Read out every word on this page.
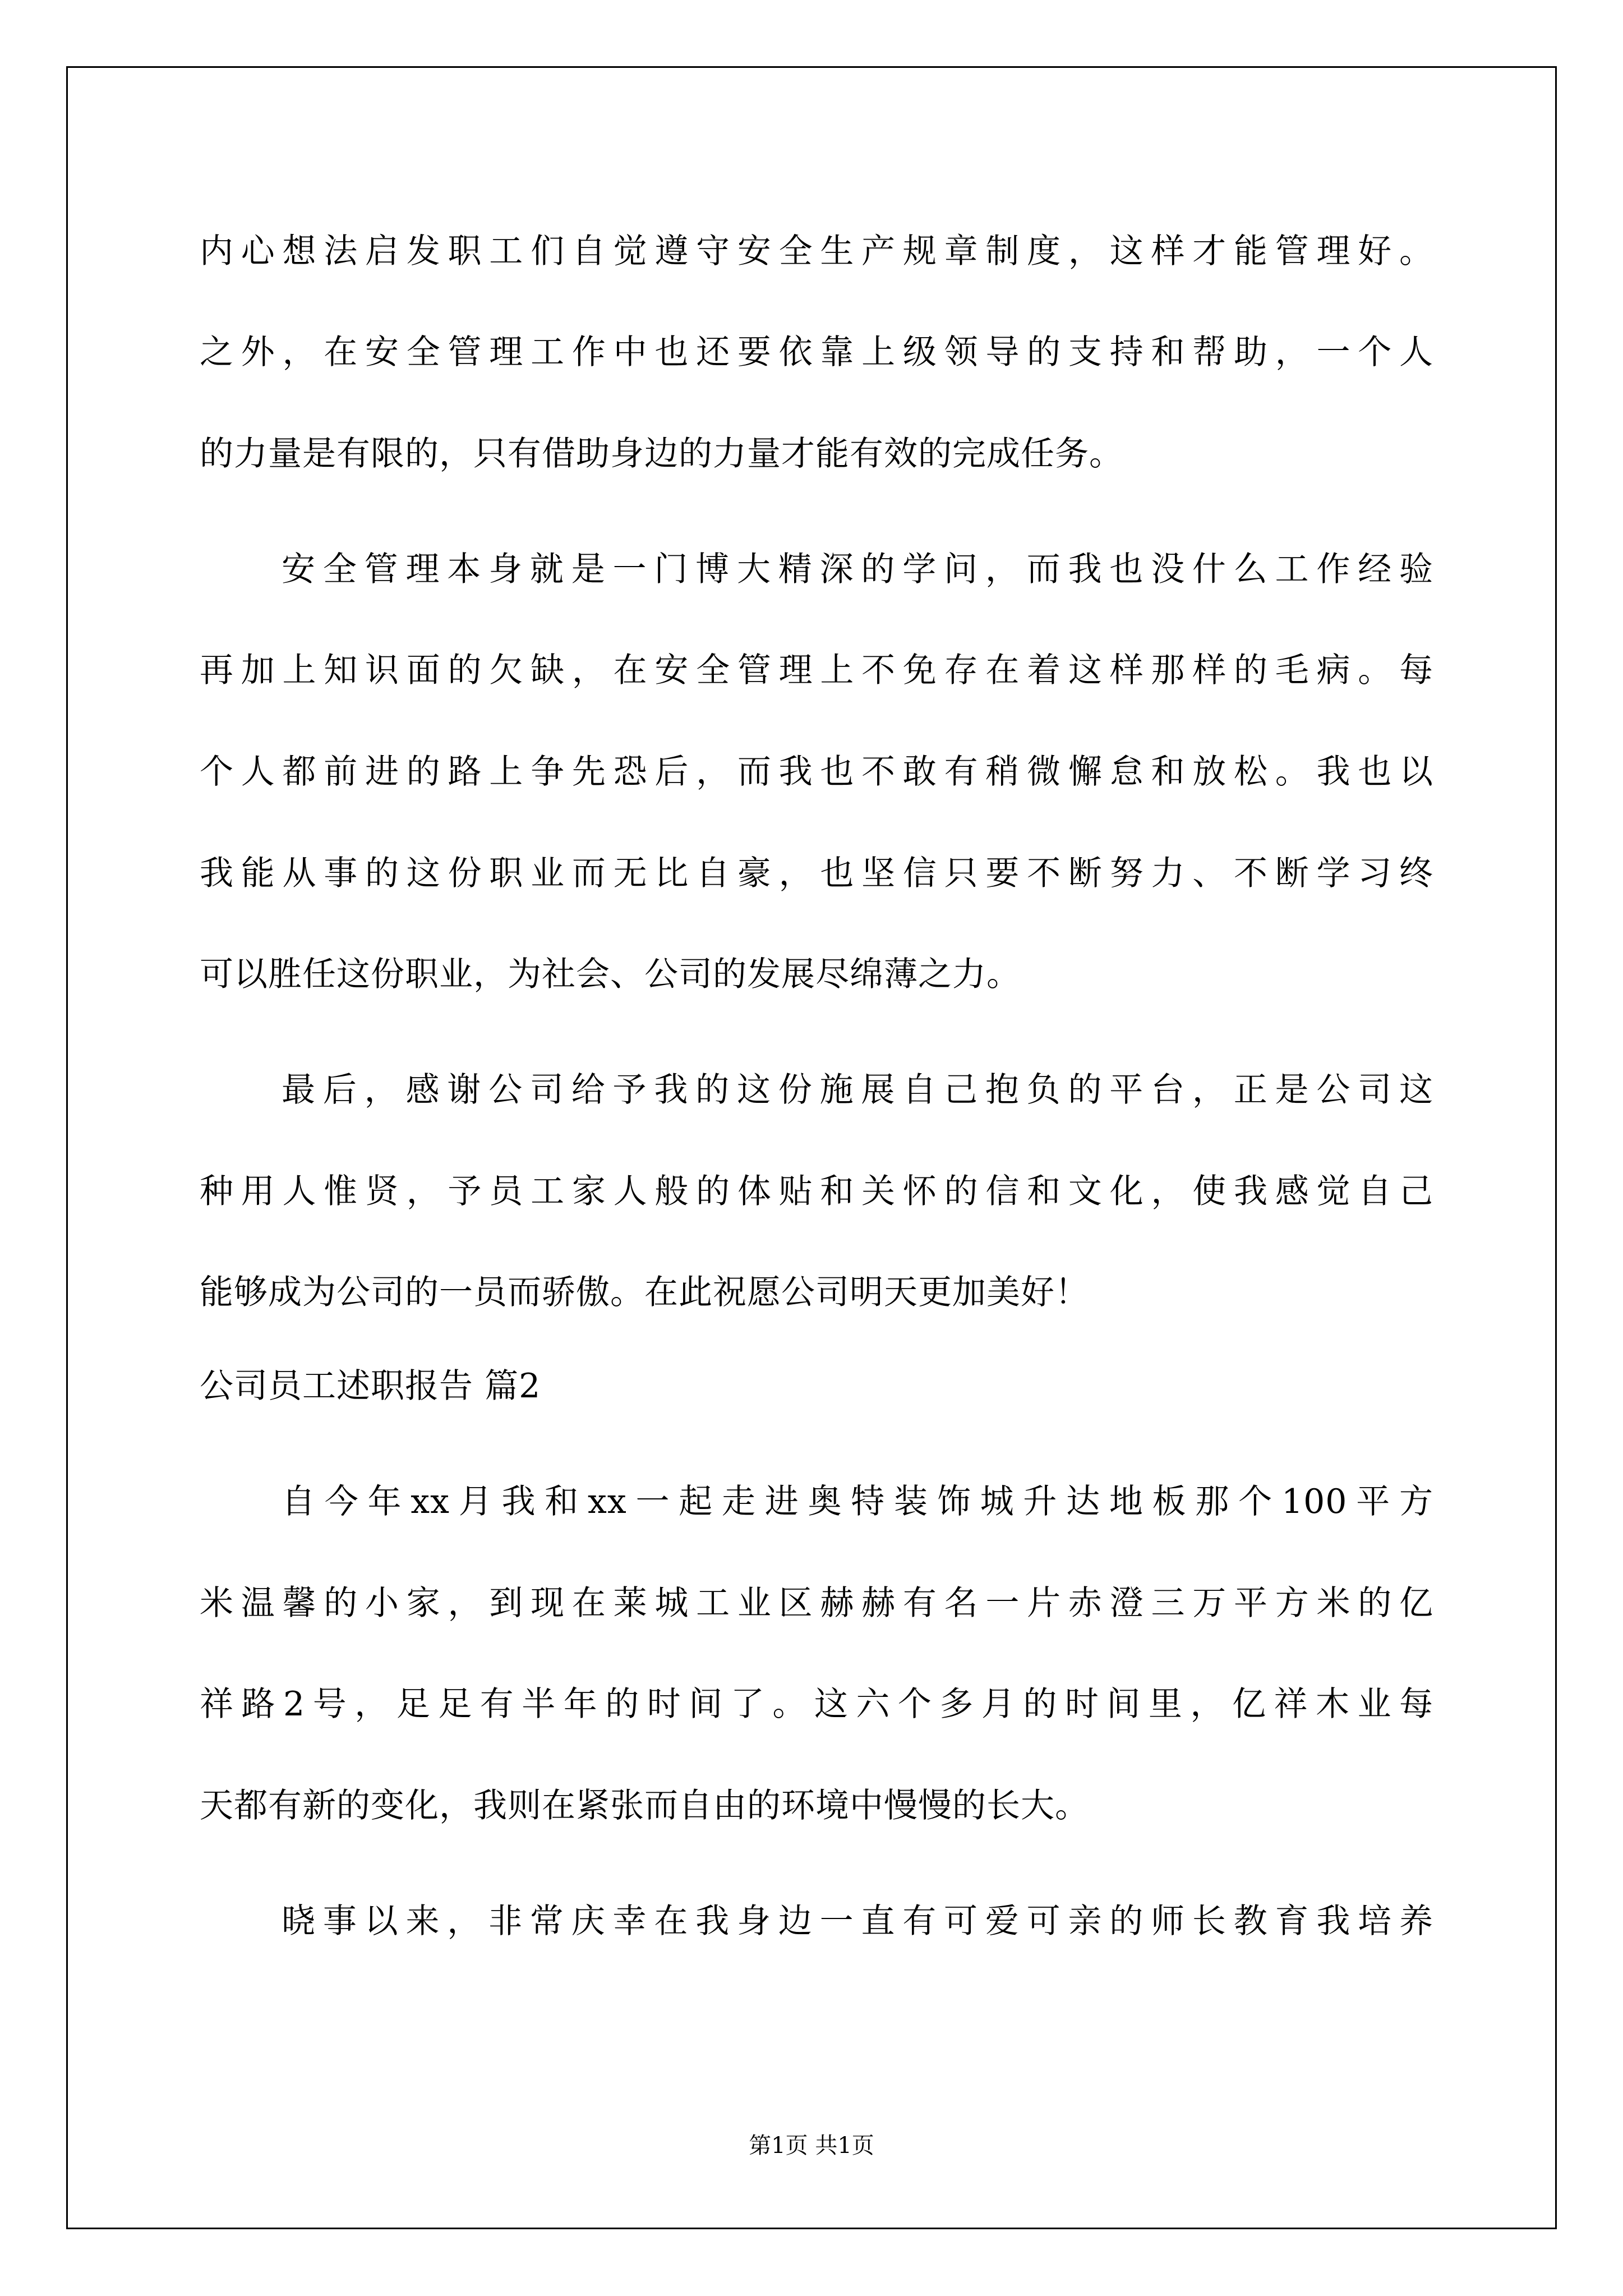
内心想法启发职工们自觉遵守安全生产规章制度，这样才能管理好。
之外，在安全管理工作中也还要依靠上级领导的支持和帮助，一个人
的力量是有限的，只有借助身边的力量才能有效的完成任务。
安全管理本身就是一门博大精深的学问，而我也没什么工作经验
再加上知识面的欠缺，在安全管理上不免存在着这样那样的毛病。每
个人都前进的路上争先恐后，而我也不敢有稍微懈怠和放松。我也以
我能从事的这份职业而无比自豪，也坚信只要不断努力、不断学习终
可以胜任这份职业，为社会、公司的发展尽绵薄之力。
最后，感谢公司给予我的这份施展自己抱负的平台，正是公司这
种用人惟贤，予员工家人般的体贴和关怀的信和文化，使我感觉自己
能够成为公司的一员而骄傲。在此祝愿公司明天更加美好！
公司员工述职报告 篇2
自今年xx月我和xx一起走进奥特装饰城升达地板那个100平方
米温馨的小家，到现在莱城工业区赫赫有名一片赤澄三万平方米的亿
祥路2号，足足有半年的时间了。这六个多月的时间里，亿祥木业每
天都有新的变化，我则在紧张而自由的环境中慢慢的长大。
晓事以来，非常庆幸在我身边一直有可爱可亲的师长教育我培养
第1页 共1页
